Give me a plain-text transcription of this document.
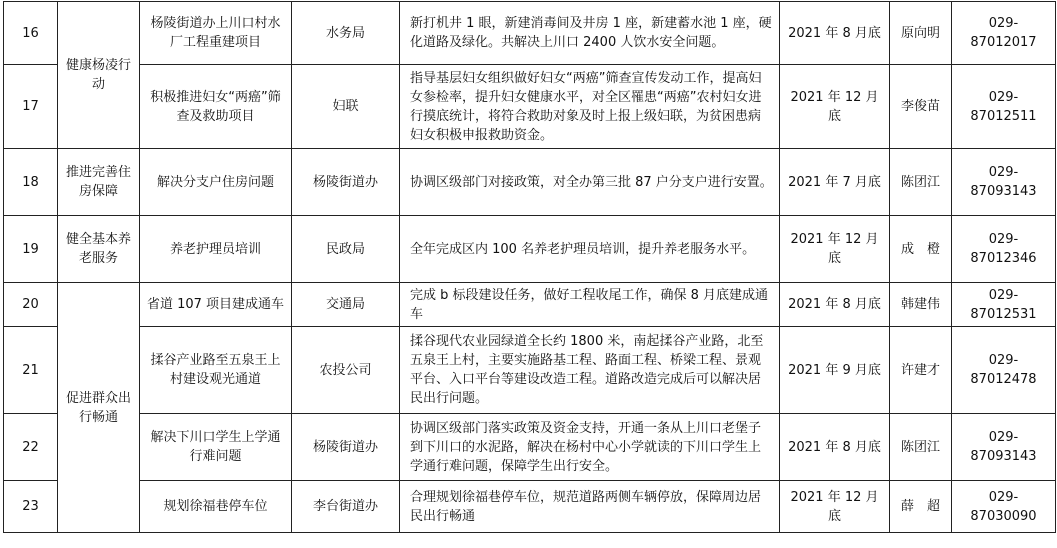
16	健康杨凌行动	杨陵街道办上川口村水厂工程重建项目	水务局	新打机井 1 眼，新建消毒间及井房 1 座，新建蓄水池 1 座，硬化道路及绿化。共解决上川口 2400 人饮水安全问题。	2021 年 8 月底	原向明	029-87012017
17		积极推进妇女“两癌”筛查及救助项目	妇联	指导基层妇女组织做好妇女“两癌”筛查宣传发动工作，提高妇女参检率，提升妇女健康水平，对全区罹患“两癌”农村妇女进行摸底统计，将符合救助对象及时上报上级妇联，为贫困患病妇女积极申报救助资金。	2021 年 12 月底	李俊苗	029-87012511
18	推进完善住房保障	解决分支户住房问题	杨陵街道办	协调区级部门对接政策，对全办第三批 87 户分支户进行安置。	2021 年 7 月底	陈团江	029-87093143
19	健全基本养老服务	养老护理员培训	民政局	全年完成区内 100 名养老护理员培训，提升养老服务水平。	2021 年 12 月底	成　橙	029-87012346
20	促进群众出行畅通	省道 107 项目建成通车	交通局	完成 b 标段建设任务，做好工程收尾工作，确保 8 月底建成通车	2021 年 8 月底	韩建伟	029-87012531
21		揉谷产业路至五泉王上村建设观光通道	农投公司	揉谷现代农业园绿道全长约 1800 米，南起揉谷产业路，北至五泉王上村，主要实施路基工程、路面工程、桥梁工程、景观平台、入口平台等建设改造工程。道路改造完成后可以解决居民出行问题。	2021 年 9 月底	许建才	029-87012478
22		解决下川口学生上学通行难问题	杨陵街道办	协调区级部门落实政策及资金支持，开通一条从上川口老堡子到下川口的水泥路，解决在杨村中心小学就读的下川口学生上学通行难问题，保障学生出行安全。	2021 年 8 月底	陈团江	029-87093143
23		规划徐福巷停车位	李台街道办	合理规划徐福巷停车位，规范道路两侧车辆停放，保障周边居民出行畅通	2021 年 12 月底	薛　超	029-87030090
